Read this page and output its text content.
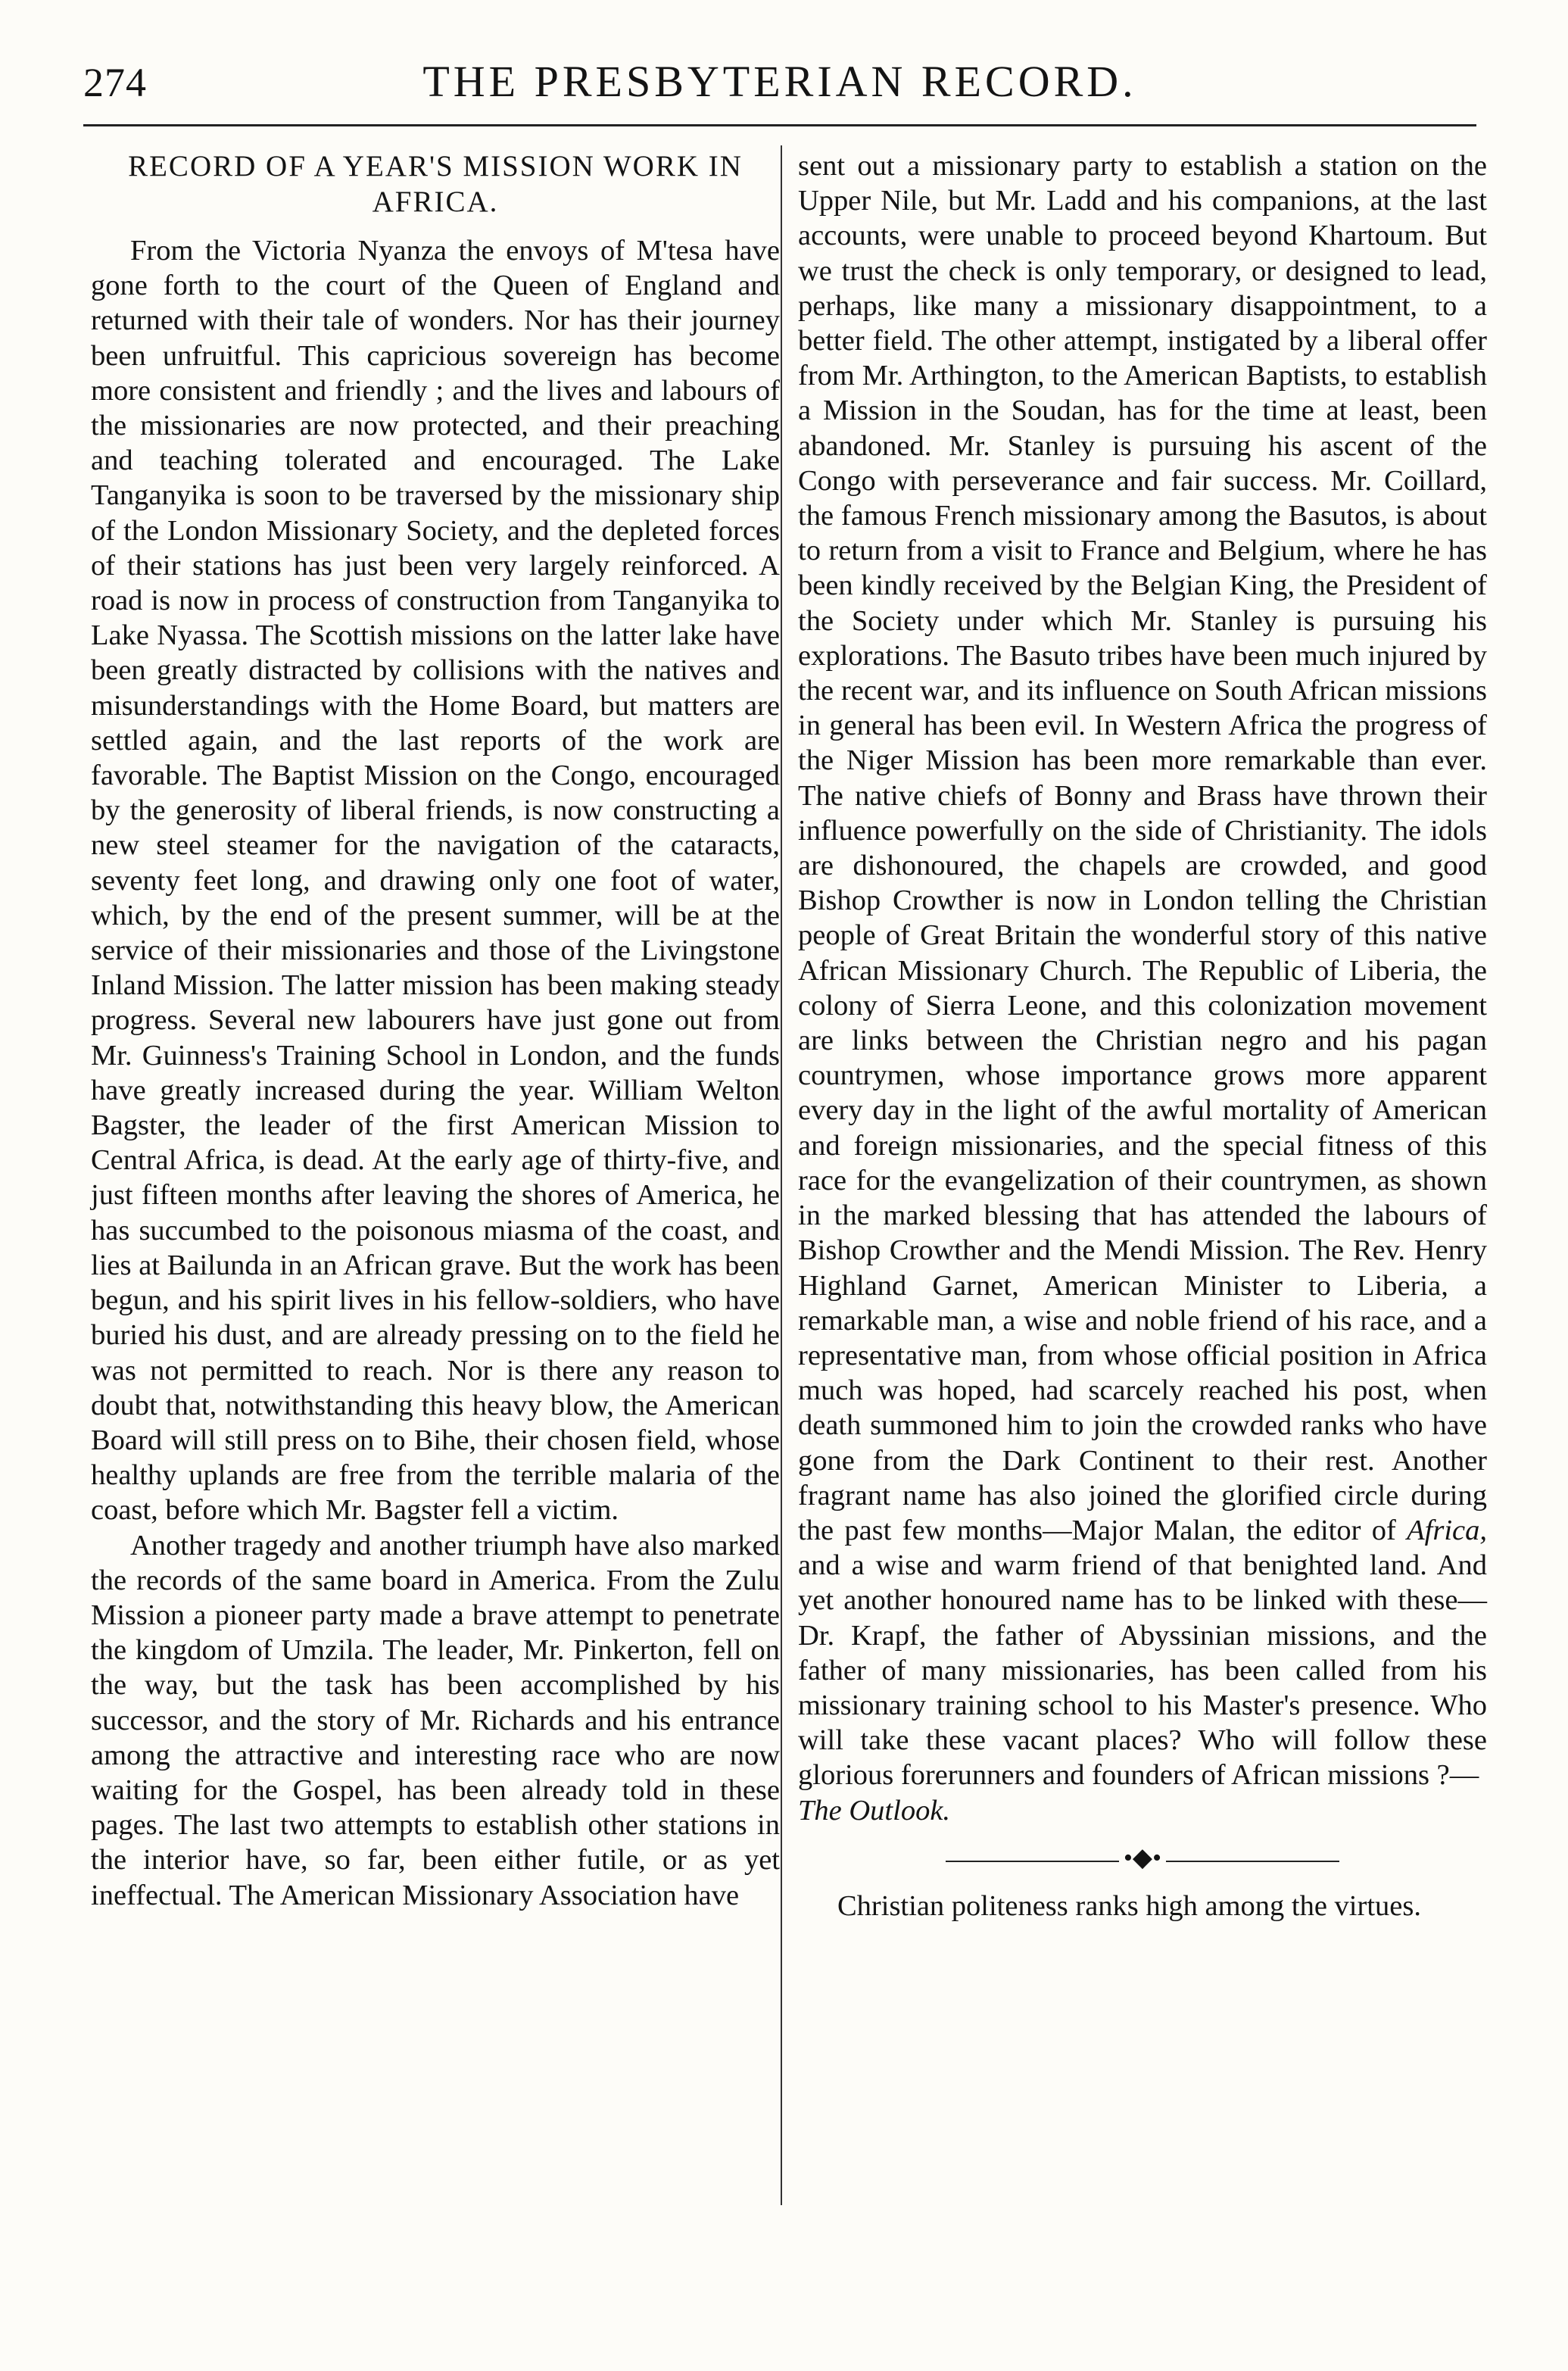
274	THE PRESBYTERIAN RECORD.
RECORD OF A YEAR'S MISSION WORK IN AFRICA.

From the Victoria Nyanza the envoys of M'tesa have gone forth to the court of the Queen of England and returned with their tale of wonders. Nor has their journey been unfruitful. This capricious sovereign has become more consistent and friendly ; and the lives and labours of the missionaries are now protected, and their preaching and teaching tolerated and encouraged. The Lake Tanganyika is soon to be traversed by the missionary ship of the London Missionary Society, and the depleted forces of their stations has just been very largely reinforced. A road is now in process of construction from Tanganyika to Lake Nyassa. The Scottish missions on the latter lake have been greatly distracted by collisions with the natives and misunderstandings with the Home Board, but matters are settled again, and the last reports of the work are favorable. The Baptist Mission on the Congo, encouraged by the generosity of liberal friends, is now constructing a new steel steamer for the navigation of the cataracts, seventy feet long, and drawing only one foot of water, which, by the end of the present summer, will be at the service of their missionaries and those of the Livingstone Inland Mission. The latter mission has been making steady progress. Several new labourers have just gone out from Mr. Guinness's Training School in London, and the funds have greatly increased during the year. William Welton Bagster, the leader of the first American Mission to Central Africa, is dead. At the early age of thirty-five, and just fifteen months after leaving the shores of America, he has succumbed to the poisonous miasma of the coast, and lies at Bailunda in an African grave. But the work has been begun, and his spirit lives in his fellow-soldiers, who have buried his dust, and are already pressing on to the field he was not permitted to reach. Nor is there any reason to doubt that, notwithstanding this heavy blow, the American Board will still press on to Bihe, their chosen field, whose healthy uplands are free from the terrible malaria of the coast, before which Mr. Bagster fell a victim.

Another tragedy and another triumph have also marked the records of the same board in America. From the Zulu Mission a pioneer party made a brave attempt to penetrate the kingdom of Umzila. The leader, Mr. Pinkerton, fell on the way, but the task has been accomplished by his successor, and the story of Mr. Richards and his entrance among the attractive and interesting race who are now waiting for the Gospel, has been already told in these pages. The last two attempts to establish other stations in the interior have, so far, been either futile, or as yet ineffectual. The American Missionary Association have

sent out a missionary party to establish a station on the Upper Nile, but Mr. Ladd and his companions, at the last accounts, were unable to proceed beyond Khartoum. But we trust the check is only temporary, or designed to lead, perhaps, like many a missionary disappointment, to a better field. The other attempt, instigated by a liberal offer from Mr. Arthington, to the American Baptists, to establish a Mission in the Soudan, has for the time at least, been abandoned. Mr. Stanley is pursuing his ascent of the Congo with perseverance and fair success. Mr. Coillard, the famous French missionary among the Basutos, is about to return from a visit to France and Belgium, where he has been kindly received by the Belgian King, the President of the Society under which Mr. Stanley is pursuing his explorations. The Basuto tribes have been much injured by the recent war, and its influence on South African missions in general has been evil. In Western Africa the progress of the Niger Mission has been more remarkable than ever. The native chiefs of Bonny and Brass have thrown their influence powerfully on the side of Christianity. The idols are dishonoured, the chapels are crowded, and good Bishop Crowther is now in London telling the Christian people of Great Britain the wonderful story of this native African Missionary Church. The Republic of Liberia, the colony of Sierra Leone, and this colonization movement are links between the Christian negro and his pagan countrymen, whose importance grows more apparent every day in the light of the awful mortality of American and foreign missionaries, and the special fitness of this race for the evangelization of their countrymen, as shown in the marked blessing that has attended the labours of Bishop Crowther and the Mendi Mission. The Rev. Henry Highland Garnet, American Minister to Liberia, a remarkable man, a wise and noble friend of his race, and a representative man, from whose official position in Africa much was hoped, had scarcely reached his post, when death summoned him to join the crowded ranks who have gone from the Dark Continent to their rest. Another fragrant name has also joined the glorified circle during the past few months—Major Malan, the editor of Africa, and a wise and warm friend of that benighted land. And yet another honoured name has to be linked with these—Dr. Krapf, the father of Abyssinian missions, and the father of many missionaries, has been called from his missionary training school to his Master's presence. Who will take these vacant places? Who will follow these glorious forerunners and founders of African missions ?—
The Outlook.

•◆•

Christian politeness ranks high among the virtues.
